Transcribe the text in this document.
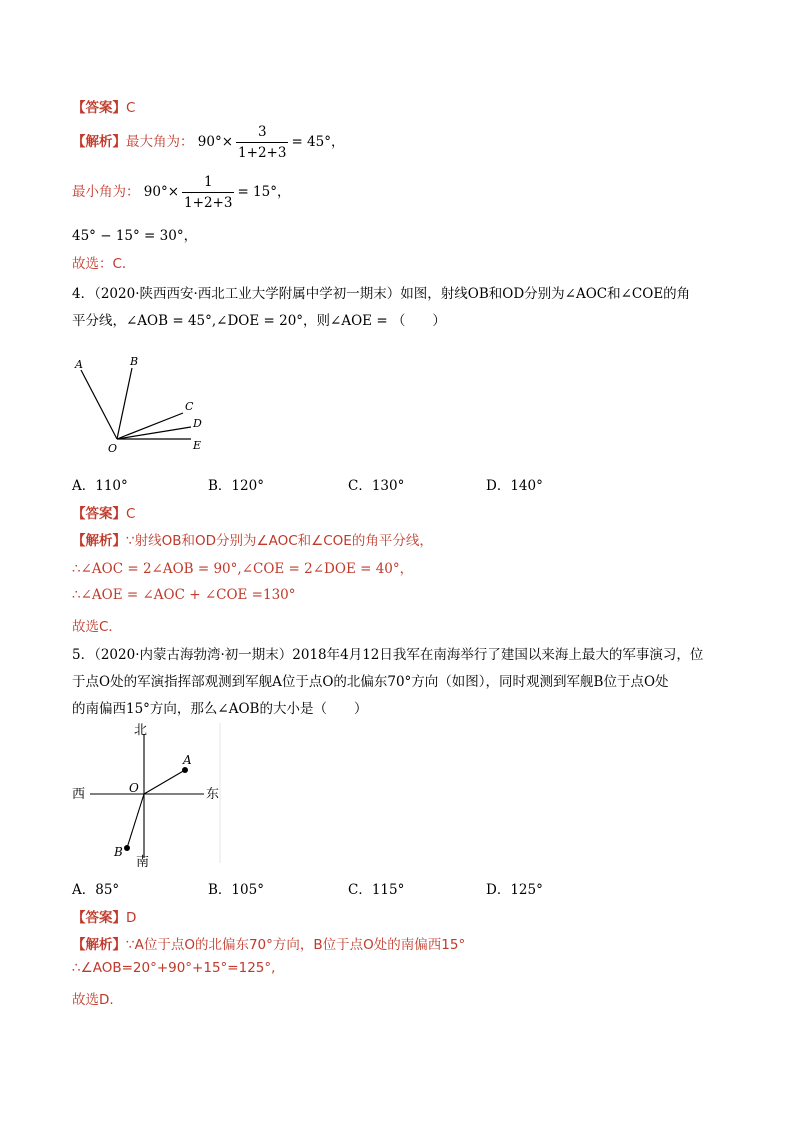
【答案】C
【解析】最大角为： $90^\circ\times \frac{3}{1+2+3} = 45^\circ$，
最小角为： $90^\circ\times \frac{1}{1+2+3} = 15^\circ$，
45° − 15° = 30°，
故选：C．
4．（2020·陕西西安·西北工业大学附属中学初一期末）如图，射线OB和OD分别为∠AOC和∠COE的角
平分线，∠AOB = 45°,∠DOE = 20°，则∠AOE = （　　）
A	B
C
D
E
O
A．110°	B．120°	C．130°	D．140°
【答案】C
【解析】∵射线OB和OD分别为∠AOC和∠COE的角平分线，
∴∠AOC = 2∠AOB = 90°,∠COE = 2∠DOE = 40°，
∴∠AOE = ∠AOC + ∠COE =130°
故选C．
5．（2020·内蒙古海勃湾·初一期末）2018年4月12日我军在南海举行了建国以来海上最大的军事演习，位
于点O处的军演指挥部观测到军舰A位于点O的北偏东70°方向（如图），同时观测到军舰B位于点O处
的南偏西15°方向，那么∠AOB的大小是（　　）
北
南
东
西	O
A
B
A．85°	B．105°	C．115°	D．125°
【答案】D
【解析】∵A位于点O的北偏东70°方向，B位于点O处的南偏西15°
∴∠AOB=20°+90°+15°=125°,
故选D.
